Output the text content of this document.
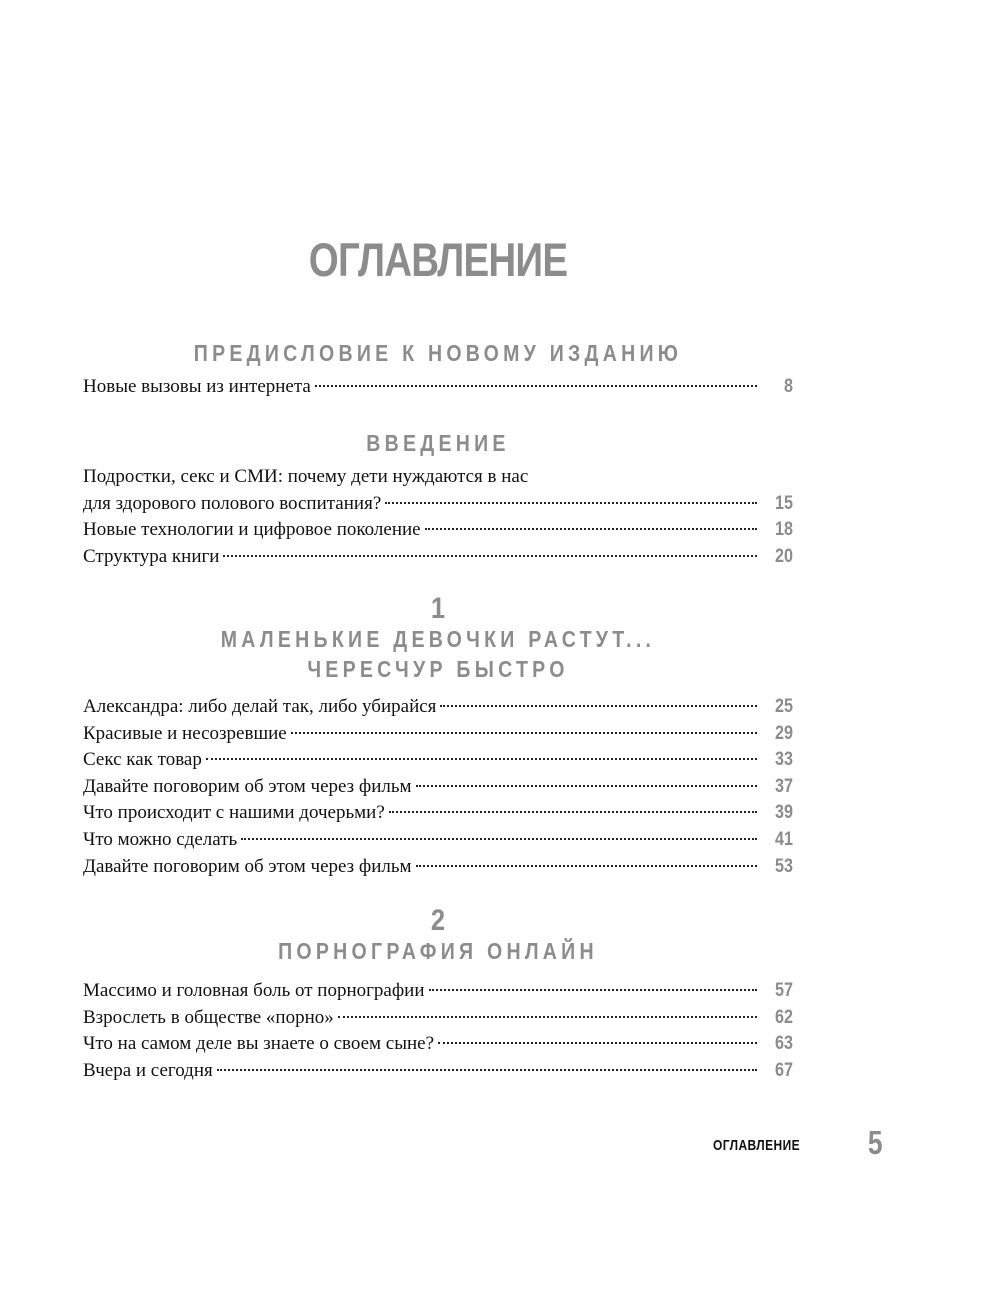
ОГЛАВЛЕНИЕ
ПРЕДИСЛОВИЕ К НОВОМУ ИЗДАНИЮ
Новые вызовы из интернета	8
ВВЕДЕНИЕ
Подростки, секс и СМИ: почему дети нуждаются в нас
для здорового полового воспитания?	15
Новые технологии и цифровое поколение	18
Структура книги	20
1
МАЛЕНЬКИЕ ДЕВОЧКИ РАСТУТ...
ЧЕРЕСЧУР БЫСТРО
Александра: либо делай так, либо убирайся	25
Красивые и несозревшие	29
Секс как товар	33
Давайте поговорим об этом через фильм	37
Что происходит с нашими дочерьми?	39
Что можно сделать	41
Давайте поговорим об этом через фильм	53
2
ПОРНОГРАФИЯ ОНЛАЙН
Массимо и головная боль от порнографии	57
Взрослеть в обществе «порно»	62
Что на самом деле вы знаете о своем сыне?	63
Вчера и сегодня	67
ОГЛАВЛЕНИЕ 5
